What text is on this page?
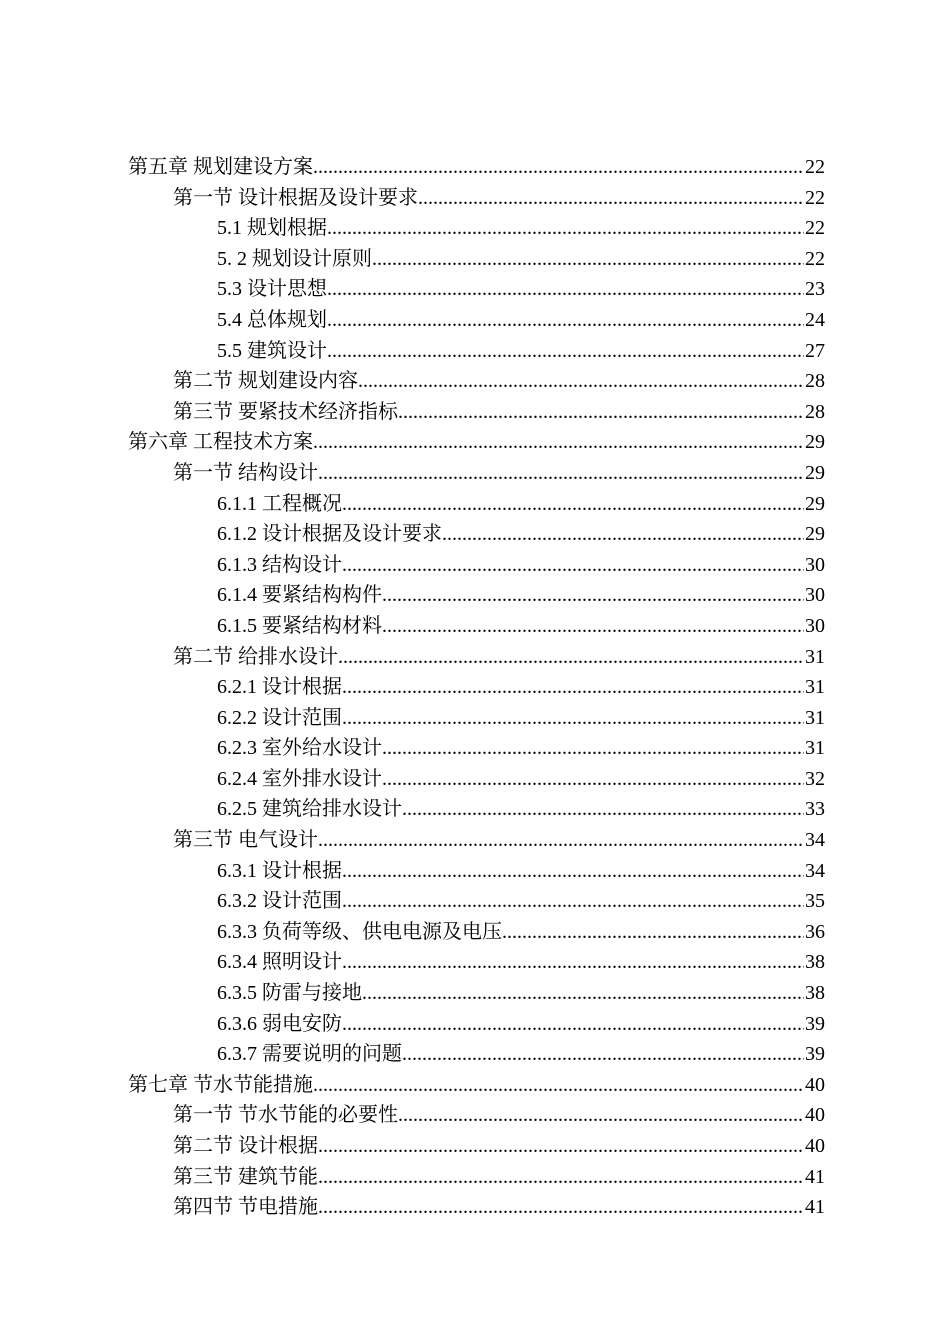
第五章 规划建设方案 .....	22
第一节 设计根据及设计要求 .....	22
5.1 规划根据 .....	22
5. 2 规划设计原则 .....	22
5.3 设计思想 .....	23
5.4 总体规划 .....	24
5.5 建筑设计 .....	27
第二节 规划建设内容 .....	28
第三节 要紧技术经济指标 .....	28
第六章 工程技术方案 .....	29
第一节 结构设计 .....	29
6.1.1 工程概况 .....	29
6.1.2 设计根据及设计要求 .....	29
6.1.3 结构设计 .....	30
6.1.4 要紧结构构件 .....	30
6.1.5 要紧结构材料 .....	30
第二节 给排水设计 .....	31
6.2.1 设计根据 .....	31
6.2.2 设计范围 .....	31
6.2.3 室外给水设计 .....	31
6.2.4 室外排水设计 .....	32
6.2.5 建筑给排水设计 .....	33
第三节 电气设计 .....	34
6.3.1 设计根据 .....	34
6.3.2 设计范围 .....	35
6.3.3 负荷等级、供电电源及电压 .....	36
6.3.4 照明设计 .....	38
6.3.5 防雷与接地 .....	38
6.3.6 弱电安防 .....	39
6.3.7 需要说明的问题 .....	39
第七章 节水节能措施 .....	40
第一节 节水节能的必要性 .....	40
第二节 设计根据 .....	40
第三节 建筑节能 .....	41
第四节 节电措施 .....	41
